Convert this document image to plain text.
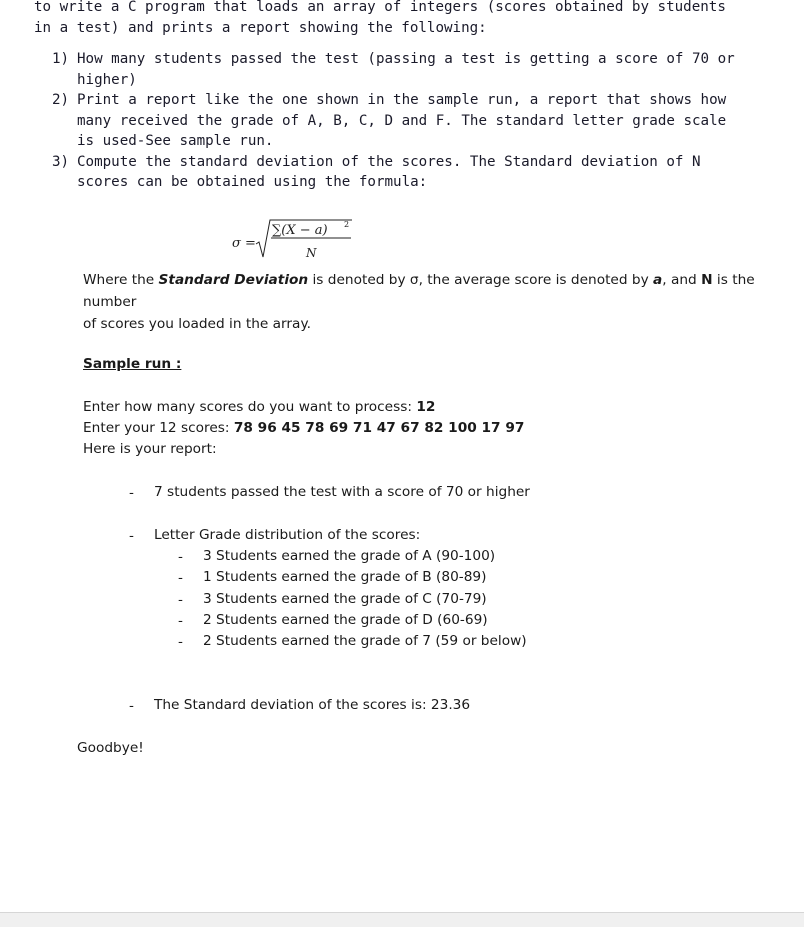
to write a C program that loads an array of integers (scores obtained by students

in a test) and prints a report showing the following:

1) How many students passed the test (passing a test is getting a score of 70 or
higher)
2) Print a report like the one shown in the sample run, a report that shows how
many received the grade of A, B, C, D and F. The standard letter grade scale
is used-See sample run.
3) Compute the standard deviation of the scores. The Standard deviation of N
scores can be obtained using the formula:
σ =
∑(X − a) 2
N
Where the Standard Deviation is denoted by σ, the average score is denoted by a, and N is the number
of scores you loaded in the array.
Sample run :
Enter how many scores do you want to process: 12
Enter your 12 scores: 78 96 45 78 69 71 47 67 82 100 17 97
Here is your report:
- 7 students passed the test with a score of 70 or higher
- Letter Grade distribution of the scores:
- 3 Students earned the grade of A (90-100)
- 1 Students earned the grade of B (80-89)
- 3 Students earned the grade of C (70-79)
- 2 Students earned the grade of D (60-69)
- 2 Students earned the grade of 7 (59 or below)
- The Standard deviation of the scores is: 23.36
Goodbye!
